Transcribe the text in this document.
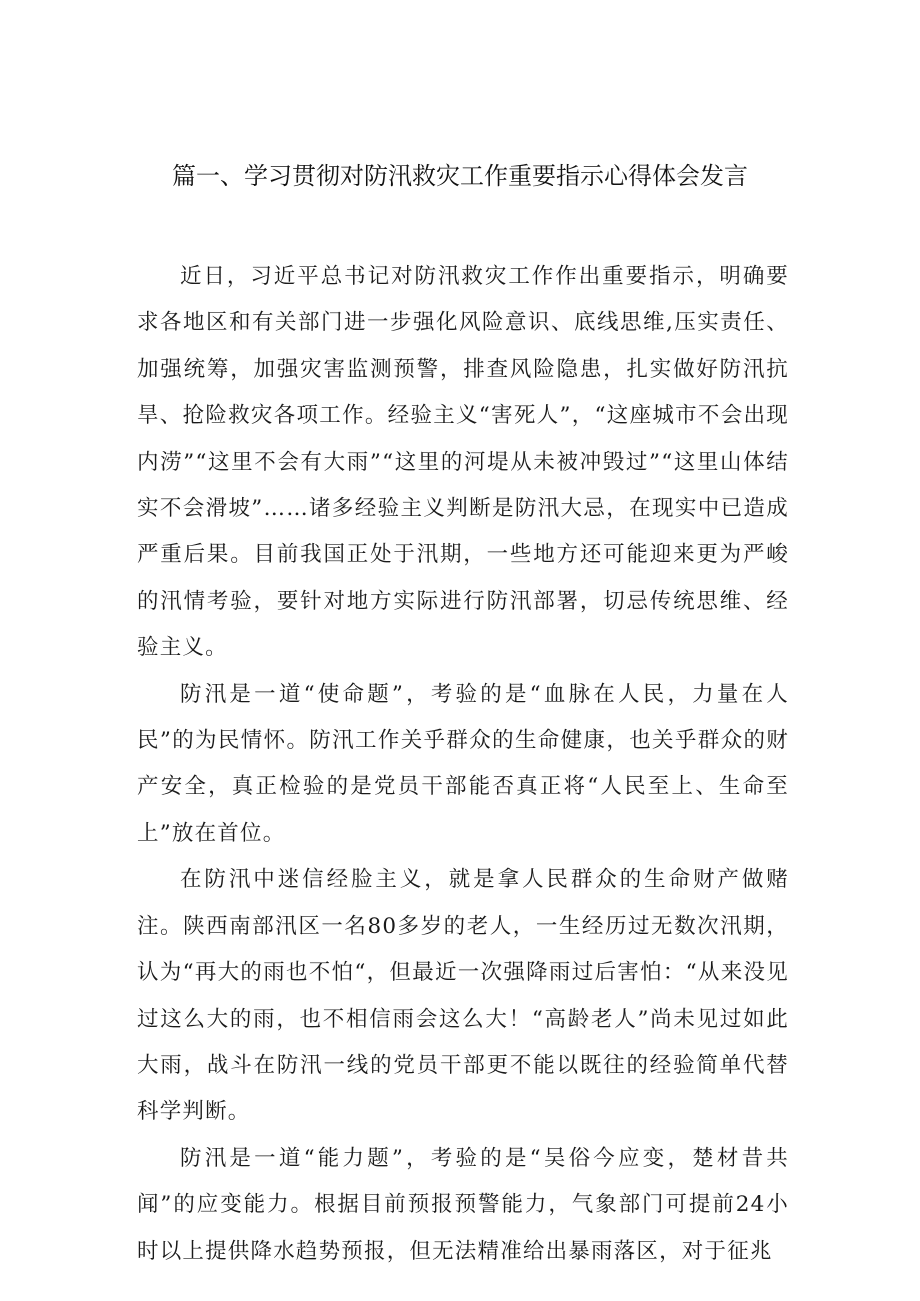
篇一、学习贯彻对防汛救灾工作重要指示心得体会发言

近日，习近平总书记对防汛救灾工作作出重要指示，明确要求各地区和有关部门进一步强化风险意识、底线思维,压实责任、加强统筹，加强灾害监测预警，排查风险隐患，扎实做好防汛抗旱、抢险救灾各项工作。经验主义“害死人”，“这座城市不会出现内涝”“这里不会有大雨”“这里的河堤从未被冲毁过”“这里山体结实不会滑坡”……诸多经验主义判断是防汛大忌，在现实中已造成严重后果。目前我国正处于汛期，一些地方还可能迎来更为严峻的汛情考验，要针对地方实际进行防汛部署，切忌传统思维、经验主义。

防汛是一道“使命题”，考验的是“血脉在人民，力量在人民”的为民情怀。防汛工作关乎群众的生命健康，也关乎群众的财产安全，真正检验的是党员干部能否真正将“人民至上、生命至上”放在首位。

在防汛中迷信经脸主义，就是拿人民群众的生命财产做赌注。陕西南部汛区一名80多岁的老人，一生经历过无数次汛期，认为“再大的雨也不怕“，但最近一次强降雨过后害怕：“从来没见过这么大的雨，也不相信雨会这么大！“高龄老人”尚未见过如此大雨，战斗在防汛一线的党员干部更不能以既往的经验简单代替科学判断。

防汛是一道“能力题”，考验的是“吴俗今应变，楚材昔共闻”的应变能力。根据目前预报预警能力，气象部门可提前24小时以上提供降水趋势预报，但无法精准给出暴雨落区，对于征兆
